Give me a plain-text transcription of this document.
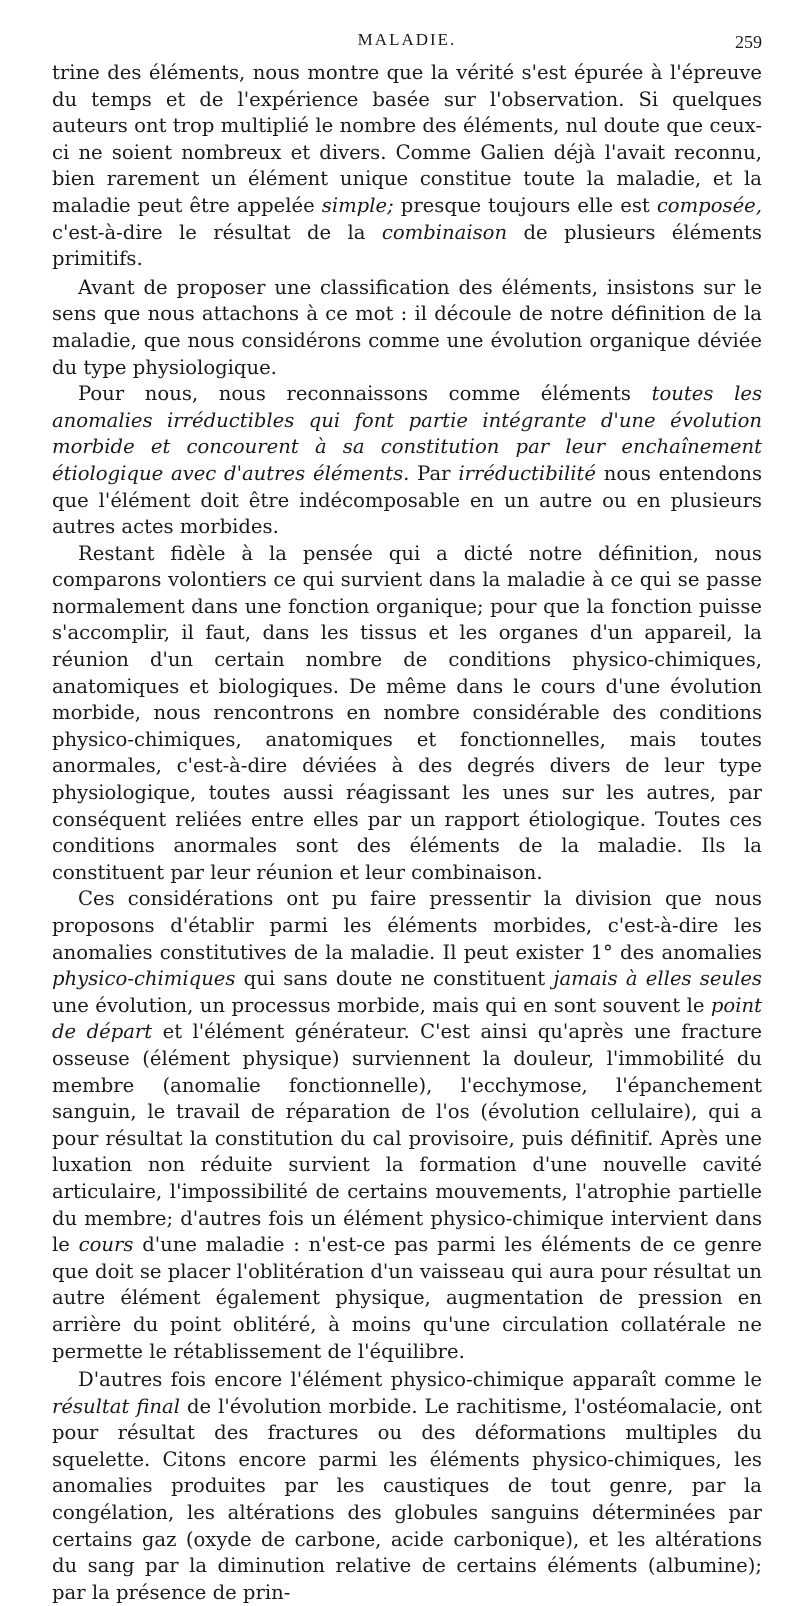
MALADIE.	259

trine des éléments, nous montre que la vérité s'est épurée à l'épreuve du temps et de l'expérience basée sur l'observation. Si quelques auteurs ont trop multiplié le nombre des éléments, nul doute que ceux-ci ne soient nombreux et divers. Comme Galien déjà l'avait reconnu, bien rarement un élément unique constitue toute la maladie, et la maladie peut être appelée simple; presque toujours elle est composée, c'est-à-dire le résultat de la combinaison de plusieurs éléments primitifs.

Avant de proposer une classification des éléments, insistons sur le sens que nous attachons à ce mot : il découle de notre définition de la maladie, que nous considérons comme une évolution organique déviée du type physiologique.

Pour nous, nous reconnaissons comme éléments toutes les anomalies irréductibles qui font partie intégrante d'une évolution morbide et concourent à sa constitution par leur enchaînement étiologique avec d'autres éléments. Par irréductibilité nous entendons que l'élément doit être indécomposable en un autre ou en plusieurs autres actes morbides.

Restant fidèle à la pensée qui a dicté notre définition, nous comparons volontiers ce qui survient dans la maladie à ce qui se passe normalement dans une fonction organique; pour que la fonction puisse s'accomplir, il faut, dans les tissus et les organes d'un appareil, la réunion d'un certain nombre de conditions physico-chimiques, anatomiques et biologiques. De même dans le cours d'une évolution morbide, nous rencontrons en nombre considérable des conditions physico-chimiques, anatomiques et fonctionnelles, mais toutes anormales, c'est-à-dire déviées à des degrés divers de leur type physiologique, toutes aussi réagissant les unes sur les autres, par conséquent reliées entre elles par un rapport étiologique. Toutes ces conditions anormales sont des éléments de la maladie. Ils la constituent par leur réunion et leur combinaison.

Ces considérations ont pu faire pressentir la division que nous proposons d'établir parmi les éléments morbides, c'est-à-dire les anomalies constitutives de la maladie. Il peut exister 1° des anomalies physico-chimiques qui sans doute ne constituent jamais à elles seules une évolution, un processus morbide, mais qui en sont souvent le point de départ et l'élément générateur. C'est ainsi qu'après une fracture osseuse (élément physique) surviennent la douleur, l'immobilité du membre (anomalie fonctionnelle), l'ecchymose, l'épanchement sanguin, le travail de réparation de l'os (évolution cellulaire), qui a pour résultat la constitution du cal provisoire, puis définitif. Après une luxation non réduite survient la formation d'une nouvelle cavité articulaire, l'impossibilité de certains mouvements, l'atrophie partielle du membre; d'autres fois un élément physico-chimique intervient dans le cours d'une maladie : n'est-ce pas parmi les éléments de ce genre que doit se placer l'oblitération d'un vaisseau qui aura pour résultat un autre élément également physique, augmentation de pression en arrière du point oblitéré, à moins qu'une circulation collatérale ne permette le rétablissement de l'équilibre.

D'autres fois encore l'élément physico-chimique apparaît comme le résultat final de l'évolution morbide. Le rachitisme, l'ostéomalacie, ont pour résultat des fractures ou des déformations multiples du squelette. Citons encore parmi les éléments physico-chimiques, les anomalies produites par les caustiques de tout genre, par la congélation, les altérations des globules sanguins déterminées par certains gaz (oxyde de carbone, acide carbonique), et les altérations du sang par la diminution relative de certains éléments (albumine); par la présence de prin-
